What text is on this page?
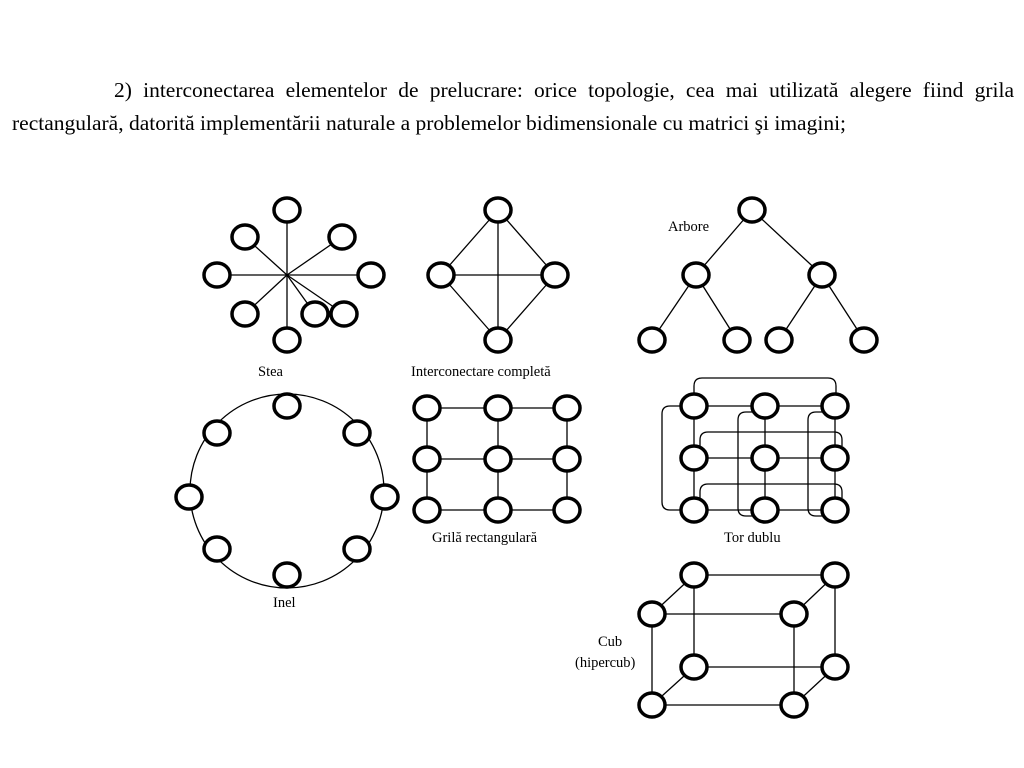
2) interconectarea elementelor de prelucrare: orice topologie, cea mai utilizată alegere fiind grila rectangulară, datorită implementării naturale a problemelor bidimensionale cu matrici şi imagini;

Stea	Interconectare completă
Arbore
Inel
Grilă rectangulară	Tor dublu
Cub
(hipercub)
